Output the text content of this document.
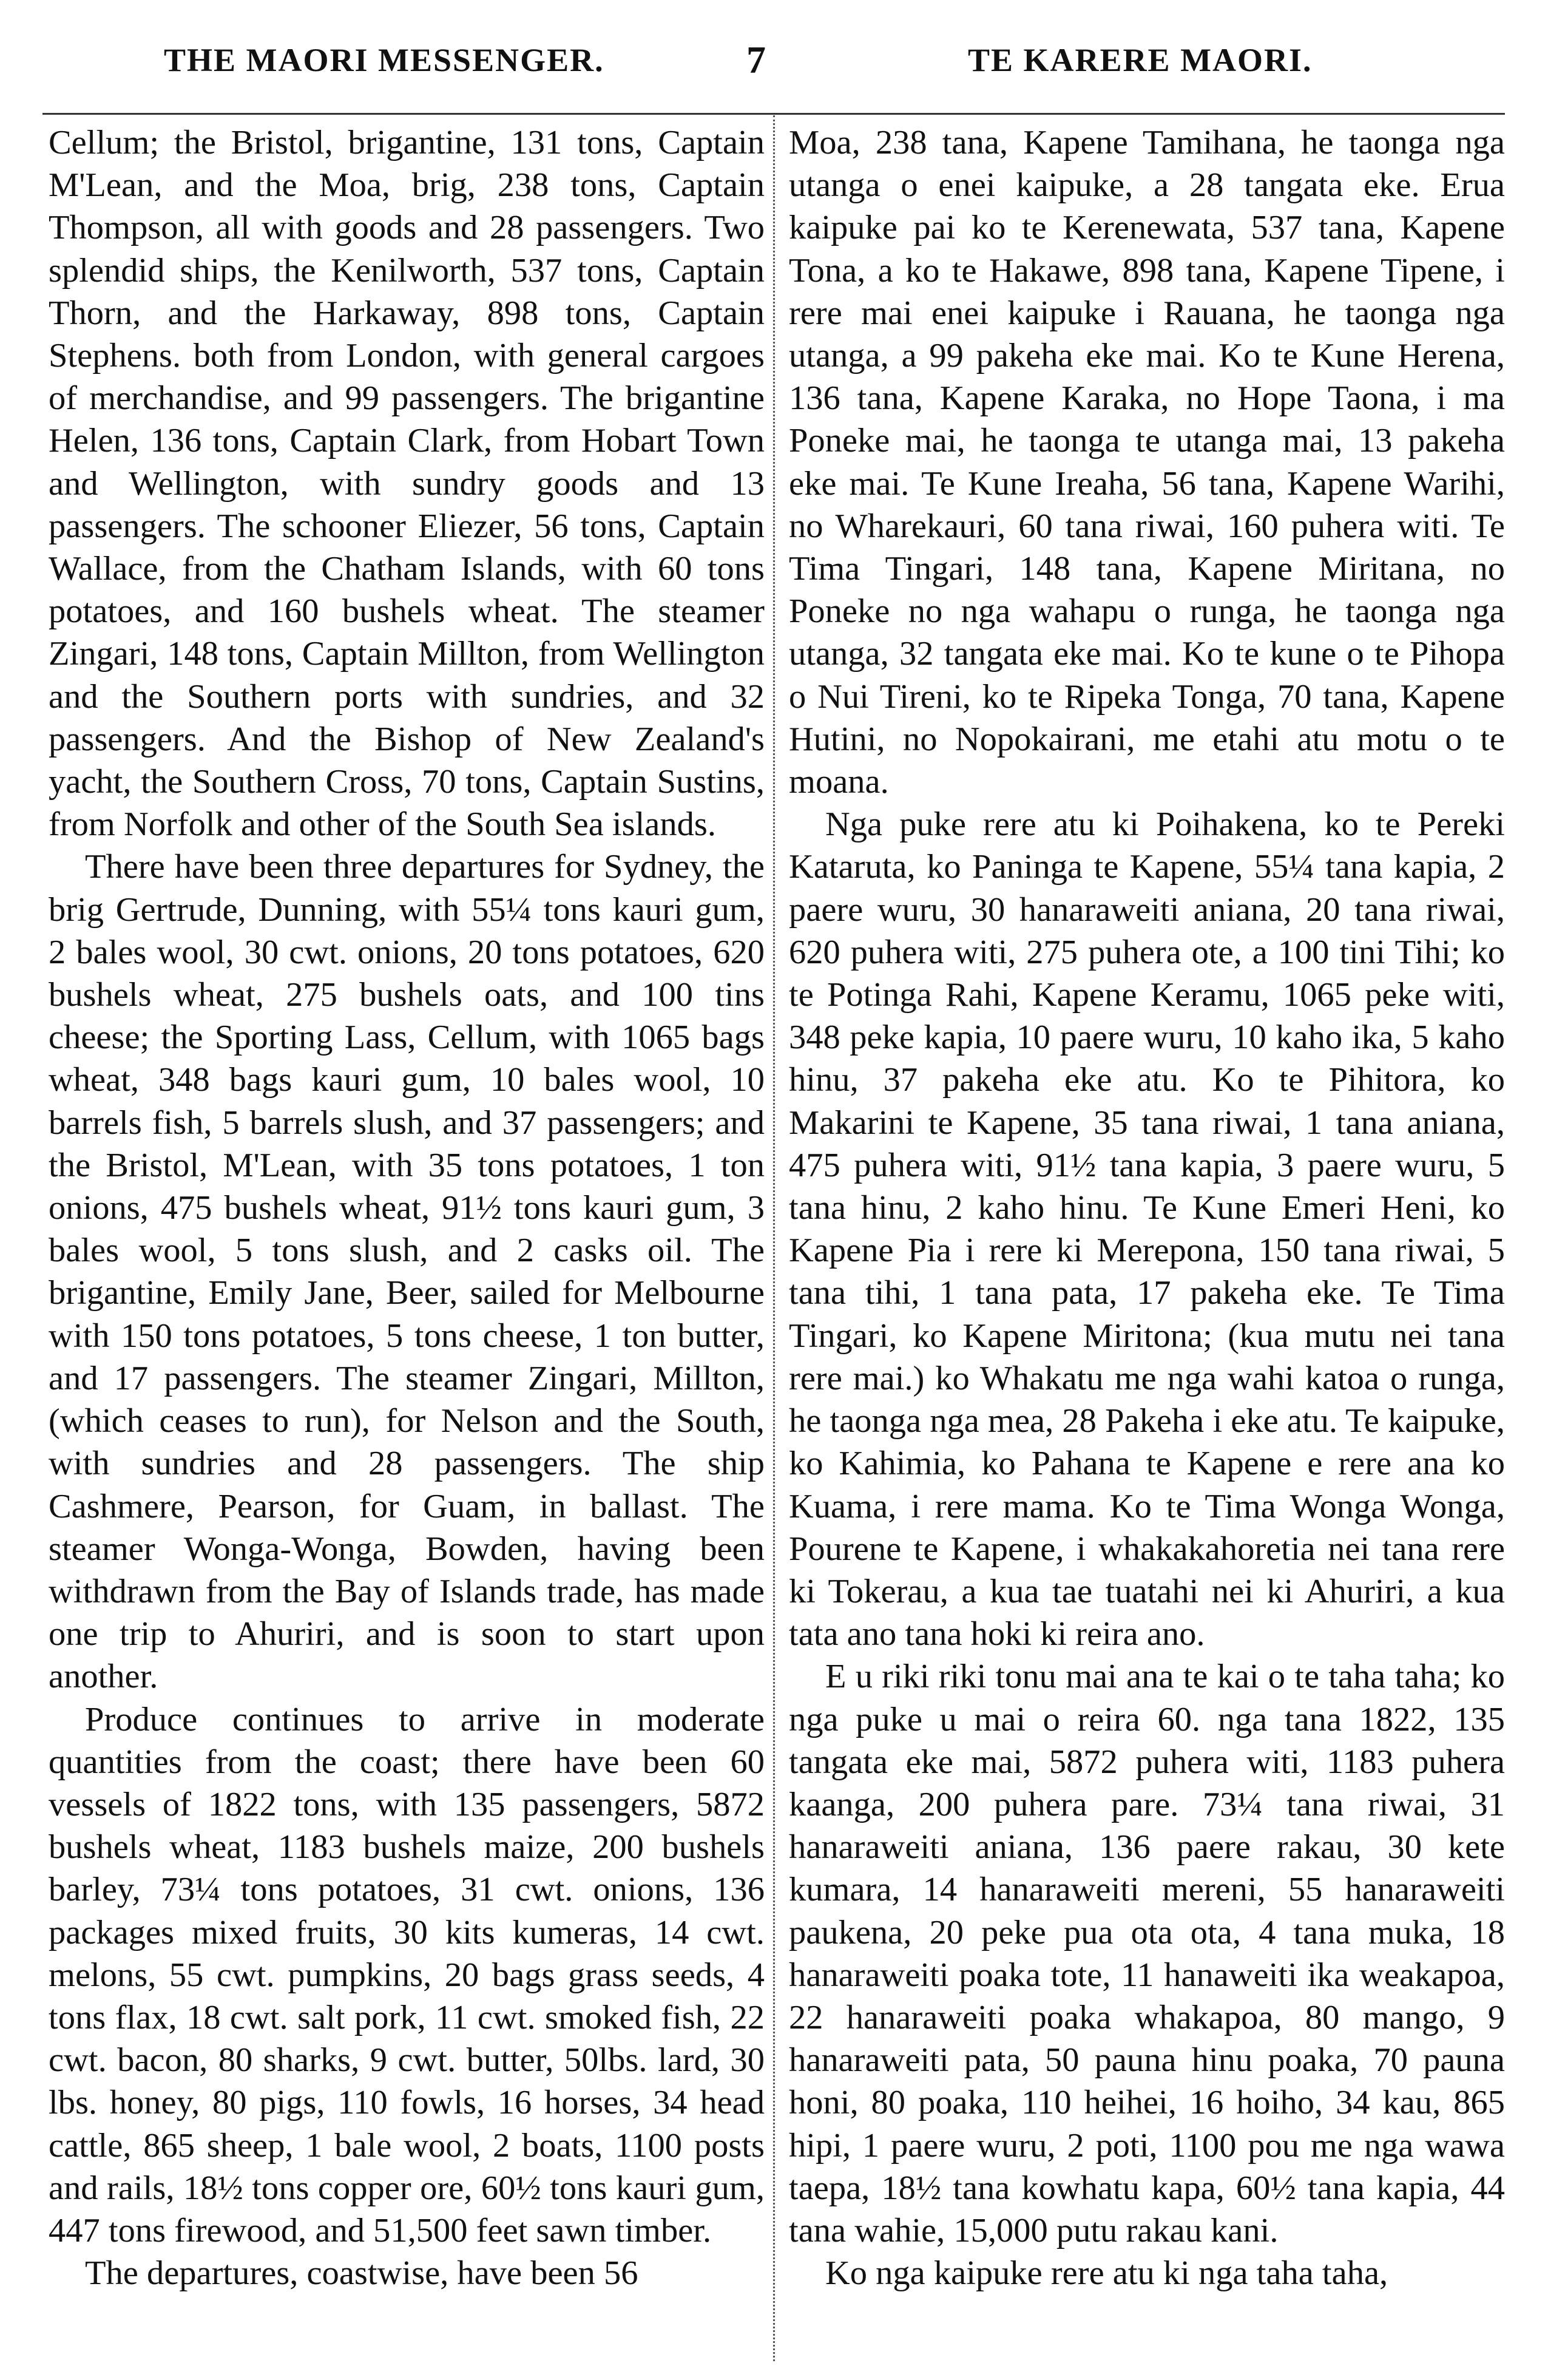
THE MAORI MESSENGER.	7	TE KARERE MAORI.

Cellum; the Bristol, brigantine, 131 tons, Captain M'Lean, and the Moa, brig, 238 tons, Captain Thompson, all with goods and 28 passengers. Two splendid ships, the Kenilworth, 537 tons, Captain Thorn, and the Harkaway, 898 tons, Captain Stephens. both from London, with general cargoes of merchandise, and 99 passengers. The brigantine Helen, 136 tons, Captain Clark, from Hobart Town and Wellington, with sundry goods and 13 passengers. The schooner Eliezer, 56 tons, Captain Wallace, from the Chatham Islands, with 60 tons potatoes, and 160 bushels wheat. The steamer Zingari, 148 tons, Captain Millton, from Wellington and the Southern ports with sundries, and 32 passengers. And the Bishop of New Zealand's yacht, the Southern Cross, 70 tons, Captain Sustins, from Norfolk and other of the South Sea islands.

There have been three departures for Sydney, the brig Gertrude, Dunning, with 55¼ tons kauri gum, 2 bales wool, 30 cwt. onions, 20 tons potatoes, 620 bushels wheat, 275 bushels oats, and 100 tins cheese; the Sporting Lass, Cellum, with 1065 bags wheat, 348 bags kauri gum, 10 bales wool, 10 barrels fish, 5 barrels slush, and 37 passengers; and the Bristol, M'Lean, with 35 tons potatoes, 1 ton onions, 475 bushels wheat, 91½ tons kauri gum, 3 bales wool, 5 tons slush, and 2 casks oil. The brigantine, Emily Jane, Beer, sailed for Melbourne with 150 tons potatoes, 5 tons cheese, 1 ton butter, and 17 passengers. The steamer Zingari, Millton, (which ceases to run), for Nelson and the South, with sundries and 28 passengers. The ship Cashmere, Pearson, for Guam, in ballast. The steamer Wonga-Wonga, Bowden, having been withdrawn from the Bay of Islands trade, has made one trip to Ahuriri, and is soon to start upon another.

Produce continues to arrive in moderate quantities from the coast; there have been 60 vessels of 1822 tons, with 135 passengers, 5872 bushels wheat, 1183 bushels maize, 200 bushels barley, 73¼ tons potatoes, 31 cwt. onions, 136 packages mixed fruits, 30 kits kumeras, 14 cwt. melons, 55 cwt. pumpkins, 20 bags grass seeds, 4 tons flax, 18 cwt. salt pork, 11 cwt. smoked fish, 22 cwt. bacon, 80 sharks, 9 cwt. butter, 50lbs. lard, 30 lbs. honey, 80 pigs, 110 fowls, 16 horses, 34 head cattle, 865 sheep, 1 bale wool, 2 boats, 1100 posts and rails, 18½ tons copper ore, 60½ tons kauri gum, 447 tons firewood, and 51,500 feet sawn timber.

The departures, coastwise, have been 56

Moa, 238 tana, Kapene Tamihana, he taonga nga utanga o enei kaipuke, a 28 tangata eke. Erua kaipuke pai ko te Kerenewata, 537 tana, Kapene Tona, a ko te Hakawe, 898 tana, Kapene Tipene, i rere mai enei kaipuke i Rauana, he taonga nga utanga, a 99 pakeha eke mai. Ko te Kune Herena, 136 tana, Kapene Karaka, no Hope Taona, i ma Poneke mai, he taonga te utanga mai, 13 pakeha eke mai. Te Kune Ireaha, 56 tana, Kapene Warihi, no Wharekauri, 60 tana riwai, 160 puhera witi. Te Tima Tingari, 148 tana, Kapene Miritana, no Poneke no nga wahapu o runga, he taonga nga utanga, 32 tangata eke mai. Ko te kune o te Pihopa o Nui Tireni, ko te Ripeka Tonga, 70 tana, Kapene Hutini, no Nopokairani, me etahi atu motu o te moana.

Nga puke rere atu ki Poihakena, ko te Pereki Kataruta, ko Paninga te Kapene, 55¼ tana kapia, 2 paere wuru, 30 hanaraweiti aniana, 20 tana riwai, 620 puhera witi, 275 puhera ote, a 100 tini Tihi; ko te Potinga Rahi, Kapene Keramu, 1065 peke witi, 348 peke kapia, 10 paere wuru, 10 kaho ika, 5 kaho hinu, 37 pakeha eke atu. Ko te Pihitora, ko Makarini te Kapene, 35 tana riwai, 1 tana aniana, 475 puhera witi, 91½ tana kapia, 3 paere wuru, 5 tana hinu, 2 kaho hinu. Te Kune Emeri Heni, ko Kapene Pia i rere ki Merepona, 150 tana riwai, 5 tana tihi, 1 tana pata, 17 pakeha eke. Te Tima Tingari, ko Kapene Miritona; (kua mutu nei tana rere mai.) ko Whakatu me nga wahi katoa o runga, he taonga nga mea, 28 Pakeha i eke atu. Te kaipuke, ko Kahimia, ko Pahana te Kapene e rere ana ko Kuama, i rere mama. Ko te Tima Wonga Wonga, Pourene te Kapene, i whakakahoretia nei tana rere ki Tokerau, a kua tae tuatahi nei ki Ahuriri, a kua tata ano tana hoki ki reira ano.

E u riki riki tonu mai ana te kai o te taha taha; ko nga puke u mai o reira 60. nga tana 1822, 135 tangata eke mai, 5872 puhera witi, 1183 puhera kaanga, 200 puhera pare. 73¼ tana riwai, 31 hanaraweiti aniana, 136 paere rakau, 30 kete kumara, 14 hanaraweiti mereni, 55 hanaraweiti paukena, 20 peke pua ota ota, 4 tana muka, 18 hanaraweiti poaka tote, 11 hanaweiti ika weakapoa, 22 hanaraweiti poaka whakapoa, 80 mango, 9 hanaraweiti pata, 50 pauna hinu poaka, 70 pauna honi, 80 poaka, 110 heihei, 16 hoiho, 34 kau, 865 hipi, 1 paere wuru, 2 poti, 1100 pou me nga wawa taepa, 18½ tana kowhatu kapa, 60½ tana kapia, 44 tana wahie, 15,000 putu rakau kani.

Ko nga kaipuke rere atu ki nga taha taha,
